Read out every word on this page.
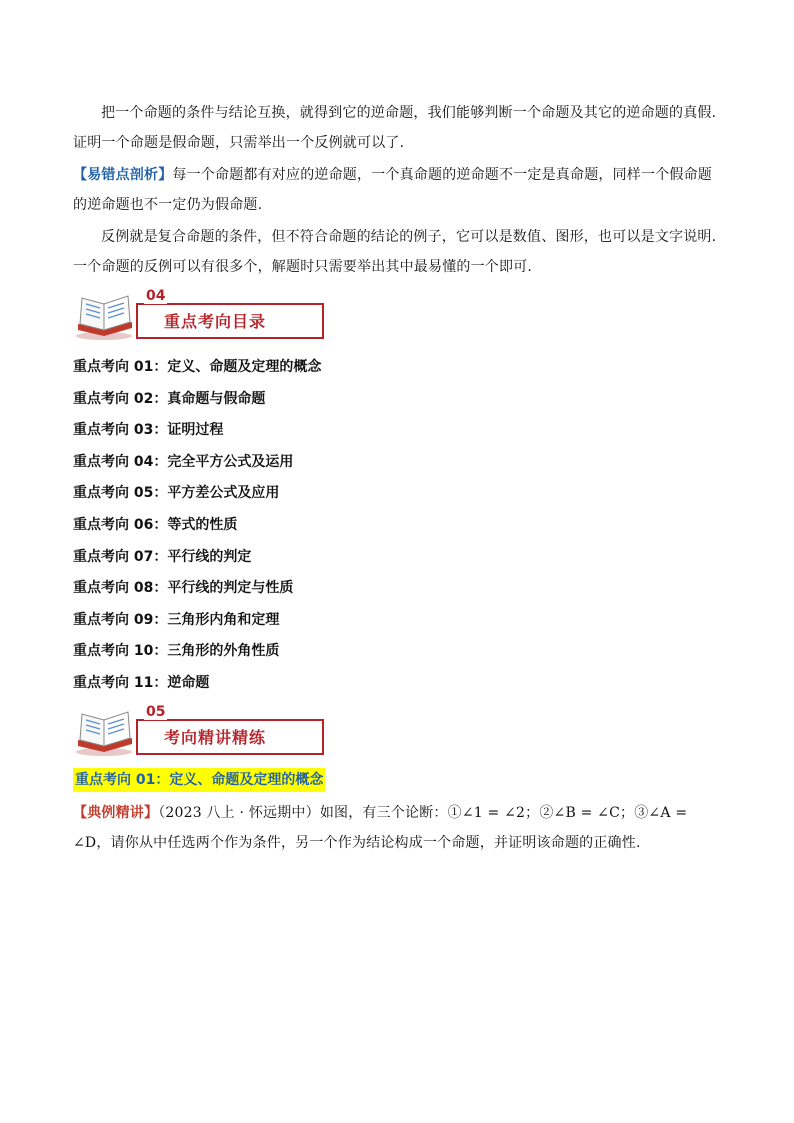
把一个命题的条件与结论互换，就得到它的逆命题，我们能够判断一个命题及其它的逆命题的真假. 证明一个命题是假命题，只需举出一个反例就可以了.

【易错点剖析】每一个命题都有对应的逆命题，一个真命题的逆命题不一定是真命题，同样一个假命题的逆命题也不一定仍为假命题.

反例就是复合命题的条件，但不符合命题的结论的例子，它可以是数值、图形，也可以是文字说明. 一个命题的反例可以有很多个，解题时只需要举出其中最易懂的一个即可.

重点考向目录
04
重点考向 01：定义、命题及定理的概念
重点考向 02：真命题与假命题
重点考向 03：证明过程
重点考向 04：完全平方公式及运用
重点考向 05：平方差公式及应用
重点考向 06：等式的性质
重点考向 07：平行线的判定
重点考向 08：平行线的判定与性质
重点考向 09：三角形内角和定理
重点考向 10：三角形的外角性质
重点考向 11：逆命题
考向精讲精练
05
重点考向 01：定义、命题及定理的概念

【典例精讲】（2023 八上 · 怀远期中）如图，有三个论断：①∠1 = ∠2；②∠B = ∠C；③∠A = ∠D，请你从中任选两个作为条件，另一个作为结论构成一个命题，并证明该命题的正确性.
